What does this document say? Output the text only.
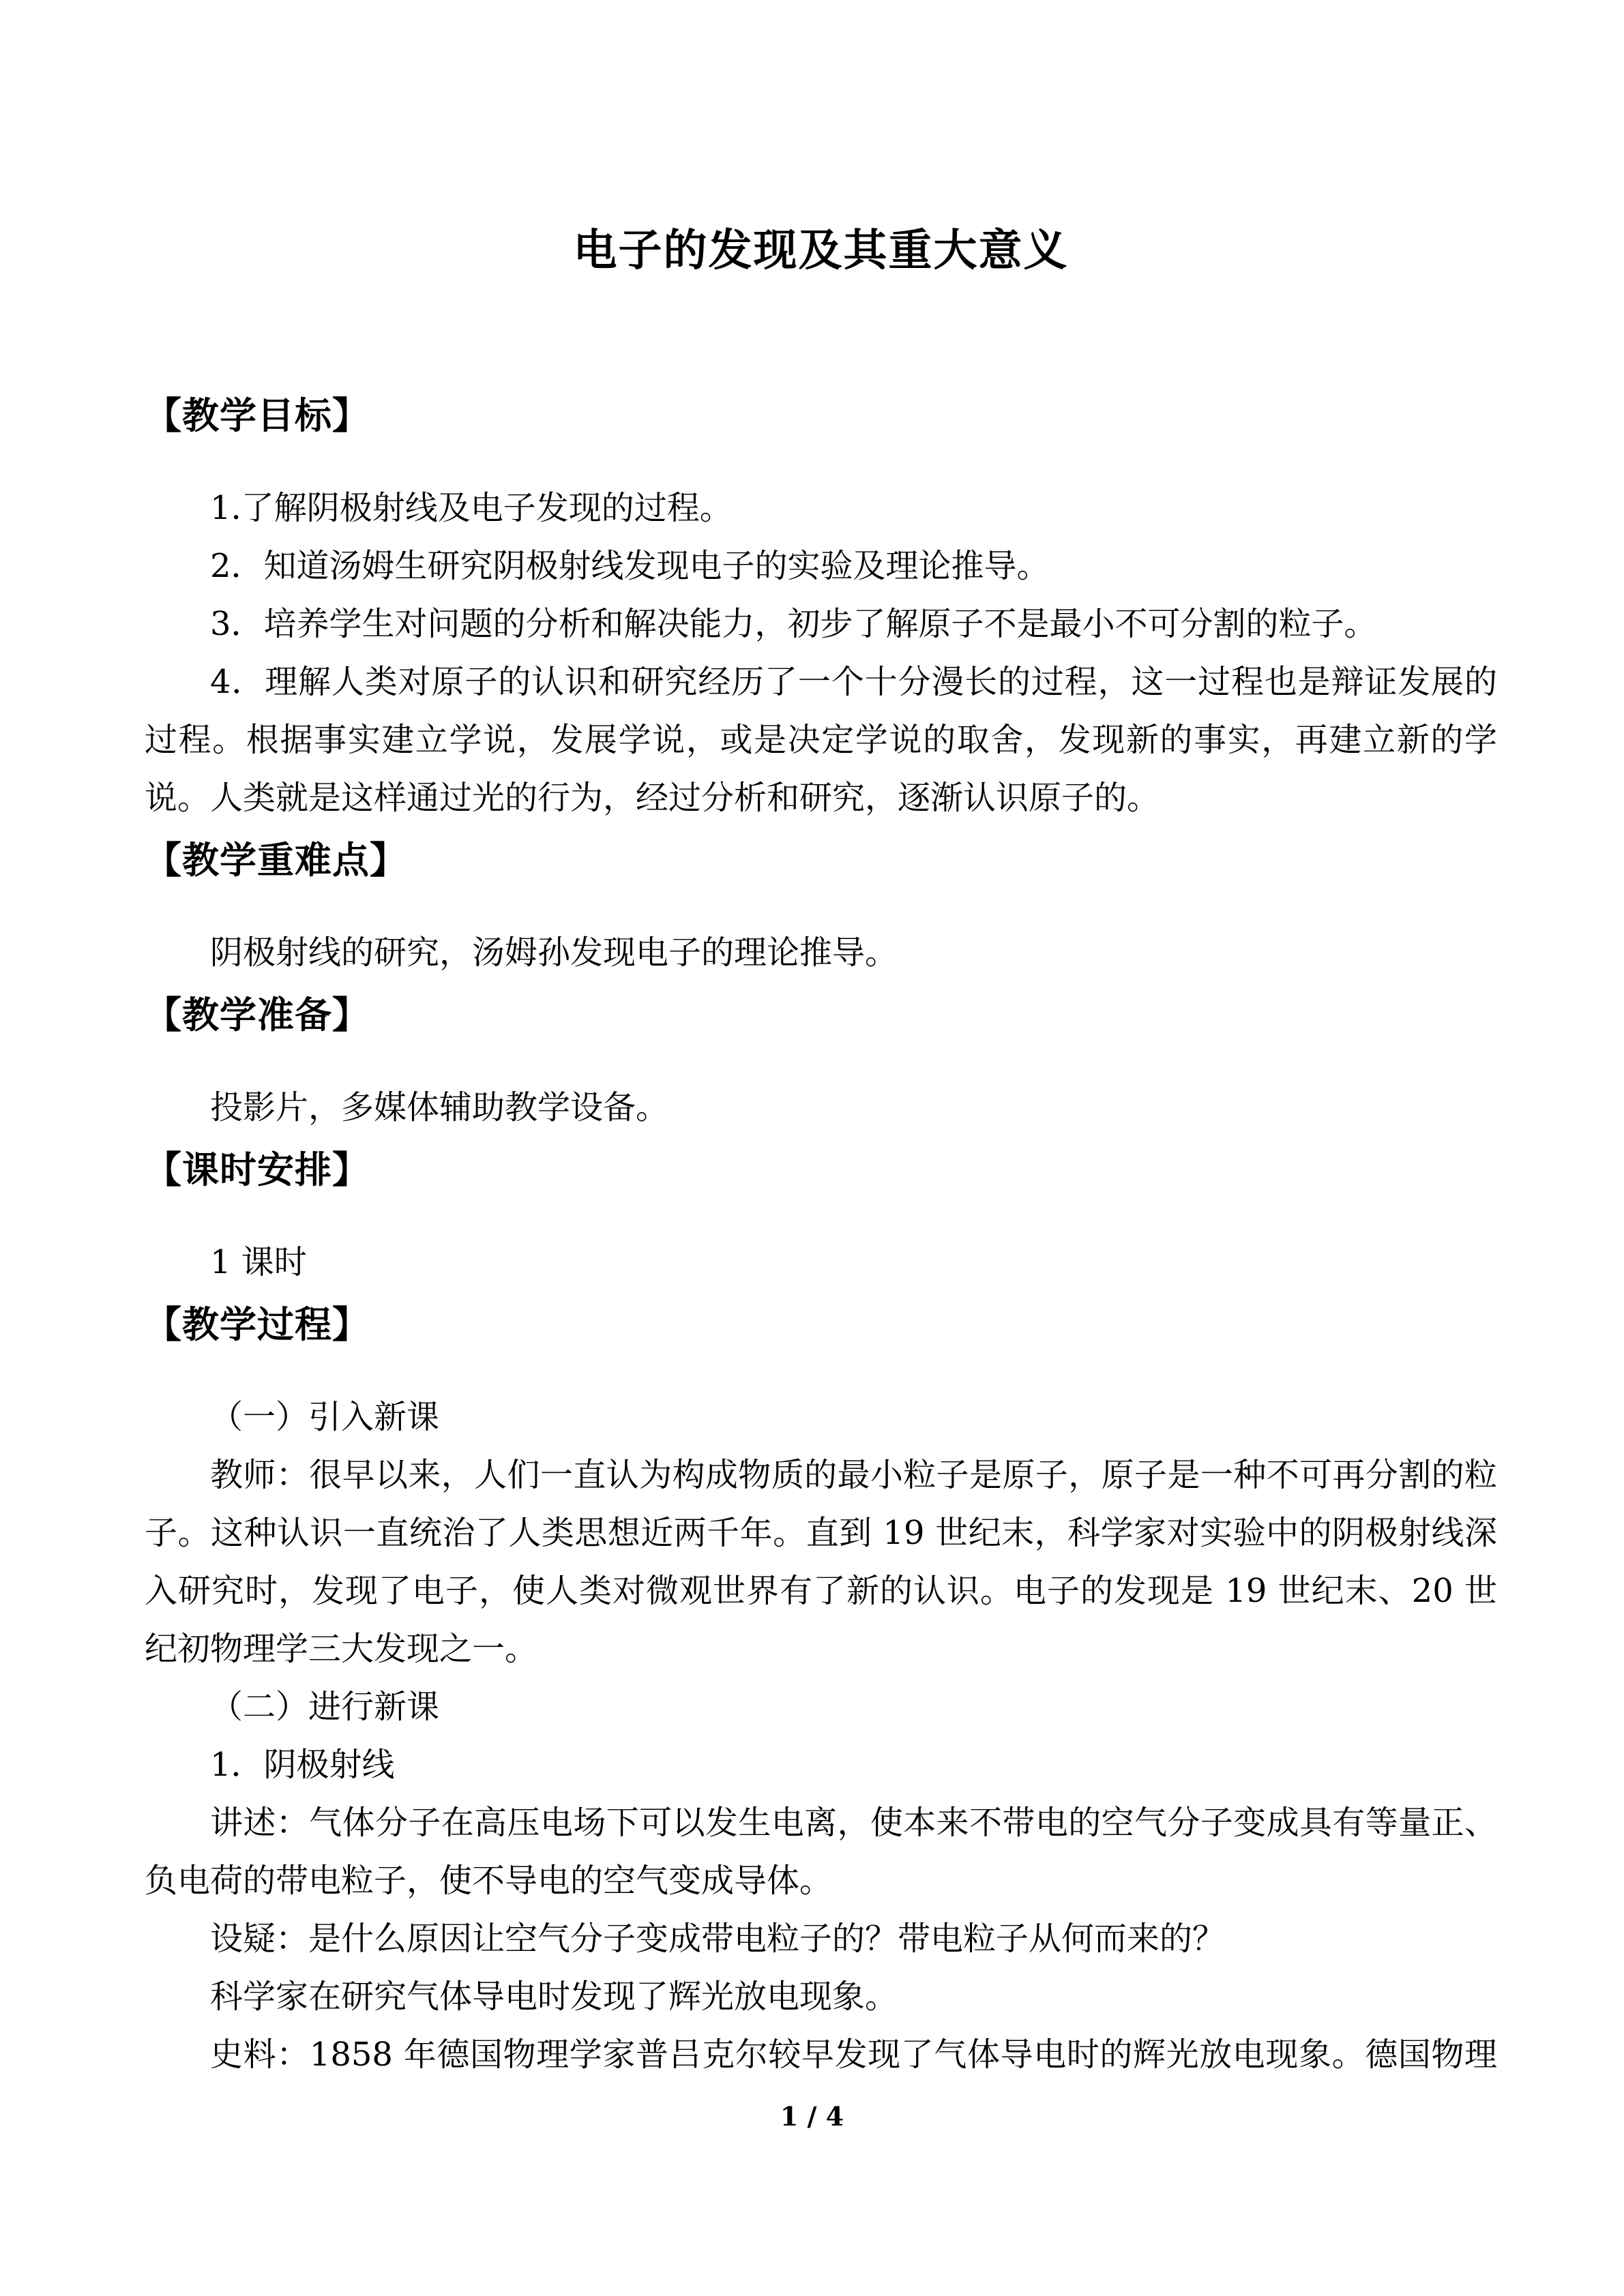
电子的发现及其重大意义
【教学目标】

1.了解阴极射线及电子发现的过程。

2．知道汤姆生研究阴极射线发现电子的实验及理论推导。

3．培养学生对问题的分析和解决能力，初步了解原子不是最小不可分割的粒子。

4．理解人类对原子的认识和研究经历了一个十分漫长的过程，这一过程也是辩证发展的过程。根据事实建立学说，发展学说，或是决定学说的取舍，发现新的事实，再建立新的学说。人类就是这样通过光的行为，经过分析和研究，逐渐认识原子的。

【教学重难点】

阴极射线的研究，汤姆孙发现电子的理论推导。

【教学准备】

投影片，多媒体辅助教学设备。

【课时安排】

1 课时

【教学过程】

（一）引入新课

教师：很早以来，人们一直认为构成物质的最小粒子是原子，原子是一种不可再分割的粒子。这种认识一直统治了人类思想近两千年。直到 19 世纪末，科学家对实验中的阴极射线深入研究时，发现了电子，使人类对微观世界有了新的认识。电子的发现是 19 世纪末、20 世纪初物理学三大发现之一。

（二）进行新课

1．阴极射线

讲述：气体分子在高压电场下可以发生电离，使本来不带电的空气分子变成具有等量正、负电荷的带电粒子，使不导电的空气变成导体。

设疑：是什么原因让空气分子变成带电粒子的？带电粒子从何而来的？

科学家在研究气体导电时发现了辉光放电现象。

史料：1858 年德国物理学家普吕克尔较早发现了气体导电时的辉光放电现象。德国物理

1 / 4
